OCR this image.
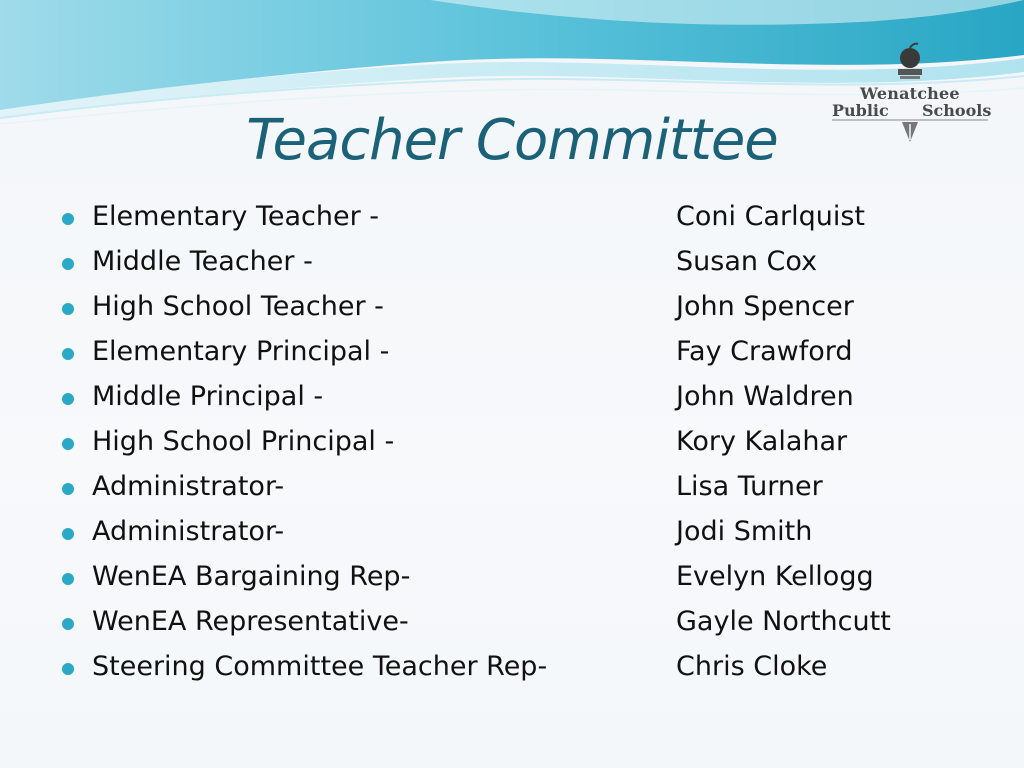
Wenatchee
Public Schools
Teacher Committee
Elementary Teacher -	Coni Carlquist
Middle Teacher -	Susan Cox
High School Teacher -	John Spencer
Elementary Principal -	Fay Crawford
Middle Principal -	John Waldren
High School Principal -	Kory Kalahar
Administrator-	Lisa Turner
Administrator-	Jodi Smith
WenEA Bargaining Rep-	Evelyn Kellogg
WenEA Representative-	Gayle Northcutt
Steering Committee Teacher Rep-	Chris Cloke
